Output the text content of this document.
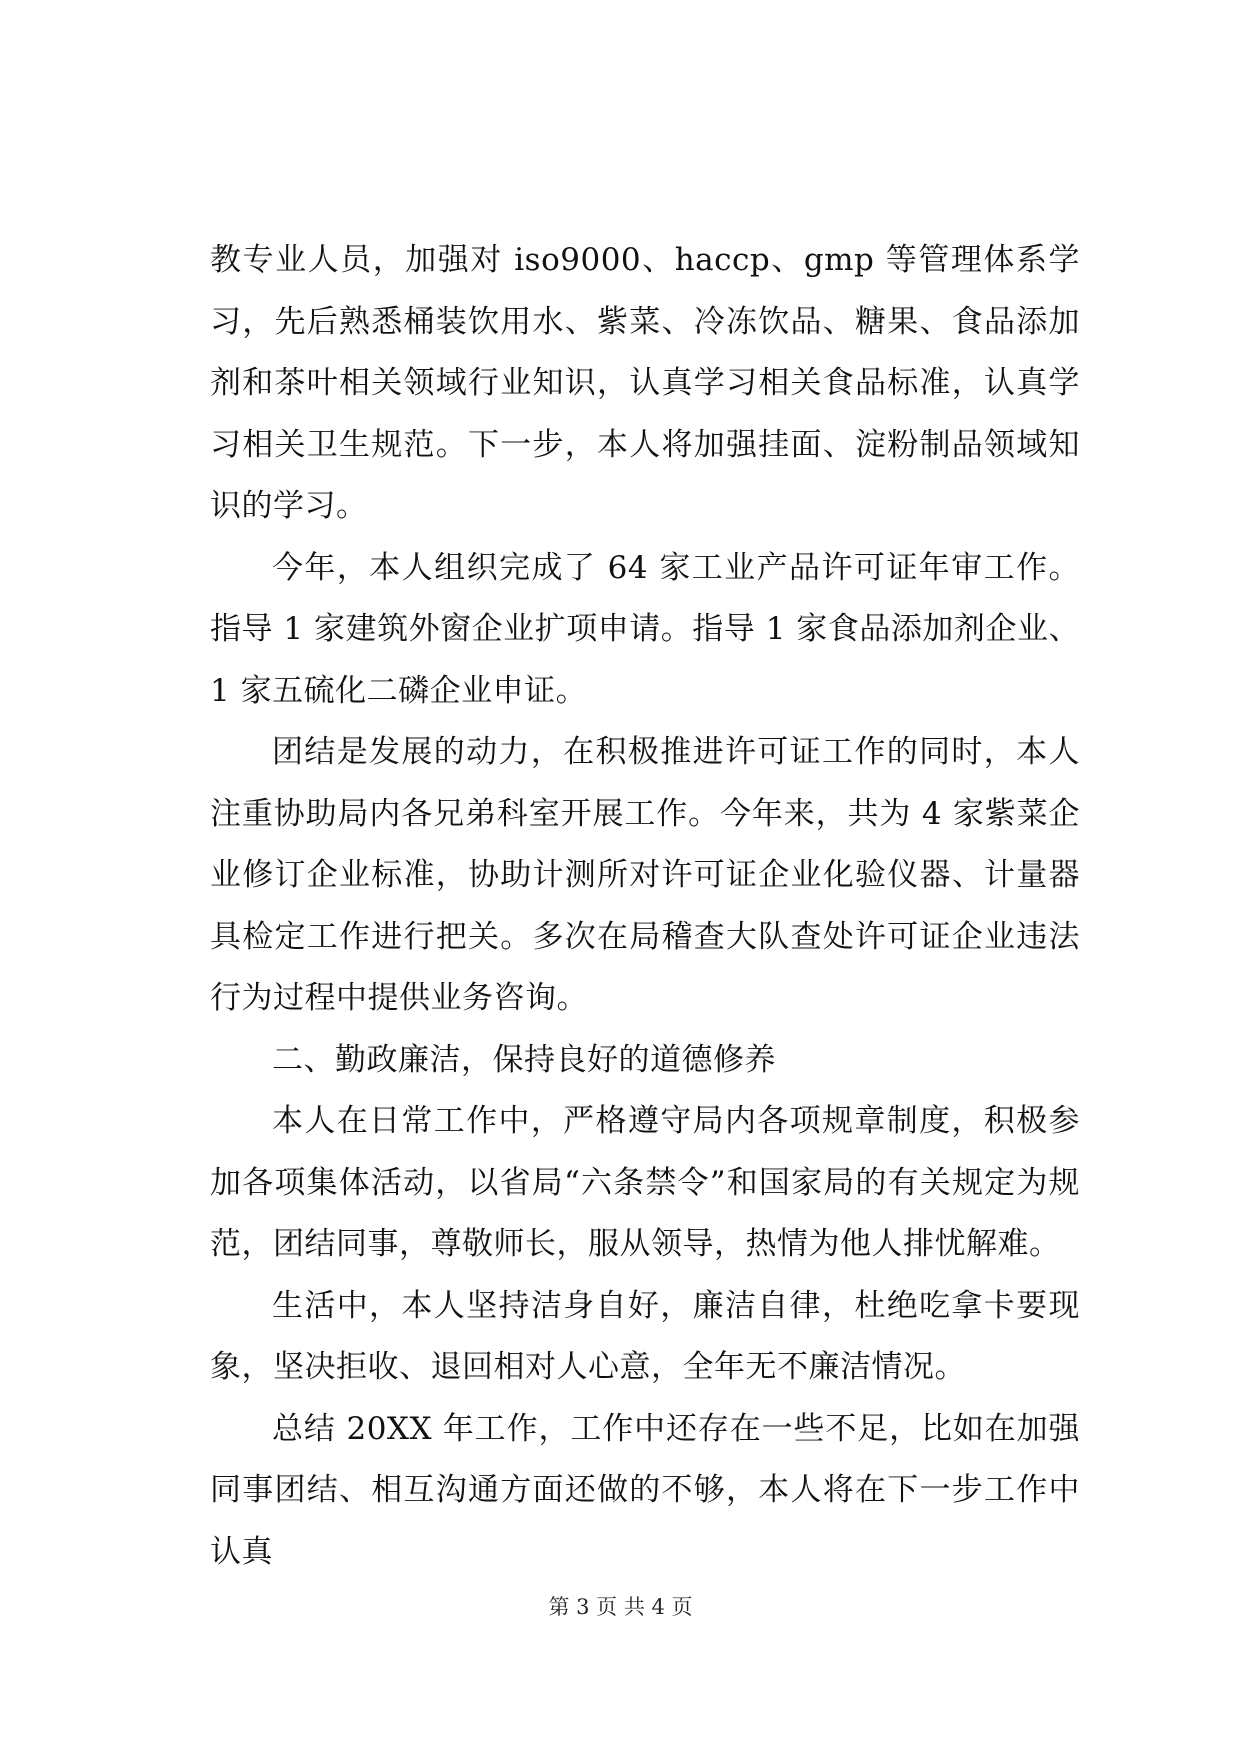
教专业人员，加强对 iso9000、haccp、gmp 等管理体系学习，先后熟悉桶装饮用水、紫菜、冷冻饮品、糖果、食品添加剂和茶叶相关领域行业知识，认真学习相关食品标准，认真学习相关卫生规范。下一步，本人将加强挂面、淀粉制品领域知识的学习。

今年，本人组织完成了 64 家工业产品许可证年审工作。指导 1 家建筑外窗企业扩项申请。指导 1 家食品添加剂企业、1 家五硫化二磷企业申证。

团结是发展的动力，在积极推进许可证工作的同时，本人注重协助局内各兄弟科室开展工作。今年来，共为 4 家紫菜企业修订企业标准，协助计测所对许可证企业化验仪器、计量器具检定工作进行把关。多次在局稽查大队查处许可证企业违法行为过程中提供业务咨询。

二、勤政廉洁，保持良好的道德修养

本人在日常工作中，严格遵守局内各项规章制度，积极参加各项集体活动，以省局“六条禁令”和国家局的有关规定为规范，团结同事，尊敬师长，服从领导，热情为他人排忧解难。

生活中，本人坚持洁身自好，廉洁自律，杜绝吃拿卡要现象，坚决拒收、退回相对人心意，全年无不廉洁情况。

总结 20XX 年工作，工作中还存在一些不足，比如在加强同事团结、相互沟通方面还做的不够，本人将在下一步工作中认真

第 3 页 共 4 页
